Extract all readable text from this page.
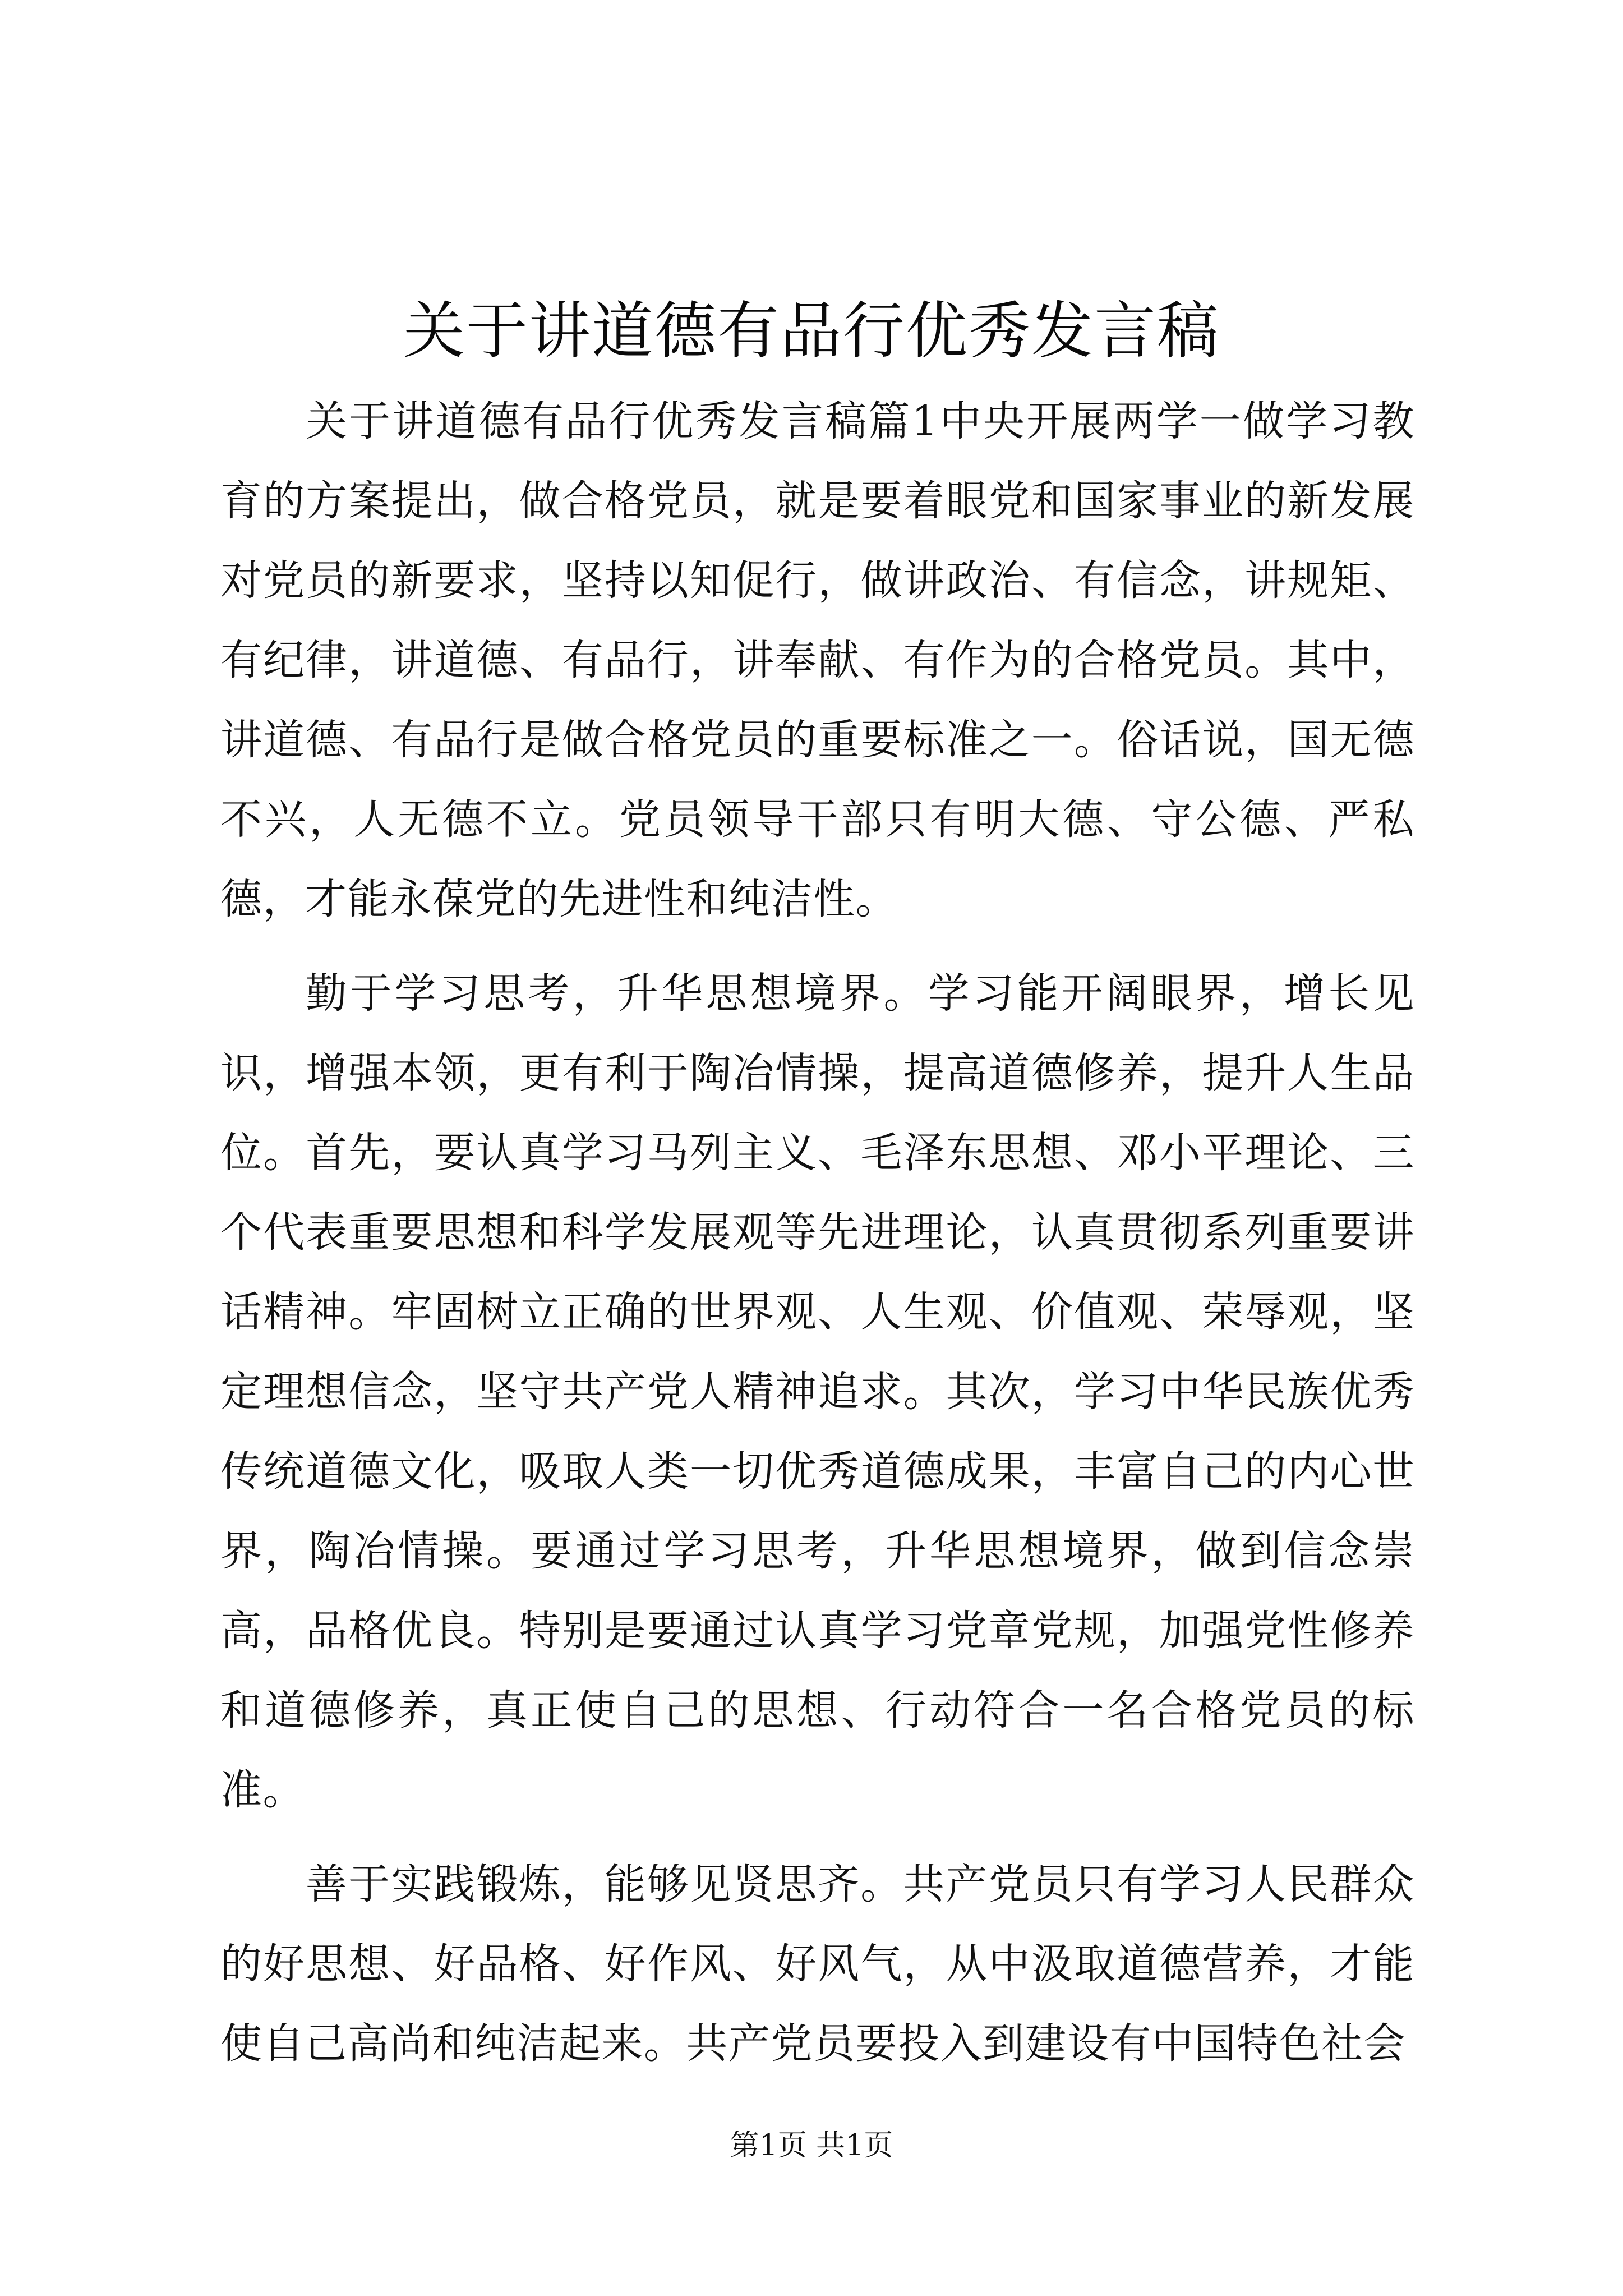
关于讲道德有品行优秀发言稿

关于讲道德有品行优秀发言稿篇1中央开展两学一做学习教育的方案提出，做合格党员，就是要着眼党和国家事业的新发展对党员的新要求，坚持以知促行，做讲政治、有信念，讲规矩、有纪律，讲道德、有品行，讲奉献、有作为的合格党员。其中，讲道德、有品行是做合格党员的重要标准之一。俗话说，国无德不兴，人无德不立。党员领导干部只有明大德、守公德、严私德，才能永葆党的先进性和纯洁性。

勤于学习思考，升华思想境界。学习能开阔眼界，增长见识，增强本领，更有利于陶冶情操，提高道德修养，提升人生品位。首先，要认真学习马列主义、毛泽东思想、邓小平理论、三个代表重要思想和科学发展观等先进理论，认真贯彻系列重要讲话精神。牢固树立正确的世界观、人生观、价值观、荣辱观，坚定理想信念，坚守共产党人精神追求。其次，学习中华民族优秀传统道德文化，吸取人类一切优秀道德成果，丰富自己的内心世界，陶冶情操。要通过学习思考，升华思想境界，做到信念崇高，品格优良。特别是要通过认真学习党章党规，加强党性修养和道德修养，真正使自己的思想、行动符合一名合格党员的标准。

善于实践锻炼，能够见贤思齐。共产党员只有学习人民群众的好思想、好品格、好作风、好风气，从中汲取道德营养，才能使自己高尚和纯洁起来。共产党员要投入到建设有中国特色社会

第1页 共1页
